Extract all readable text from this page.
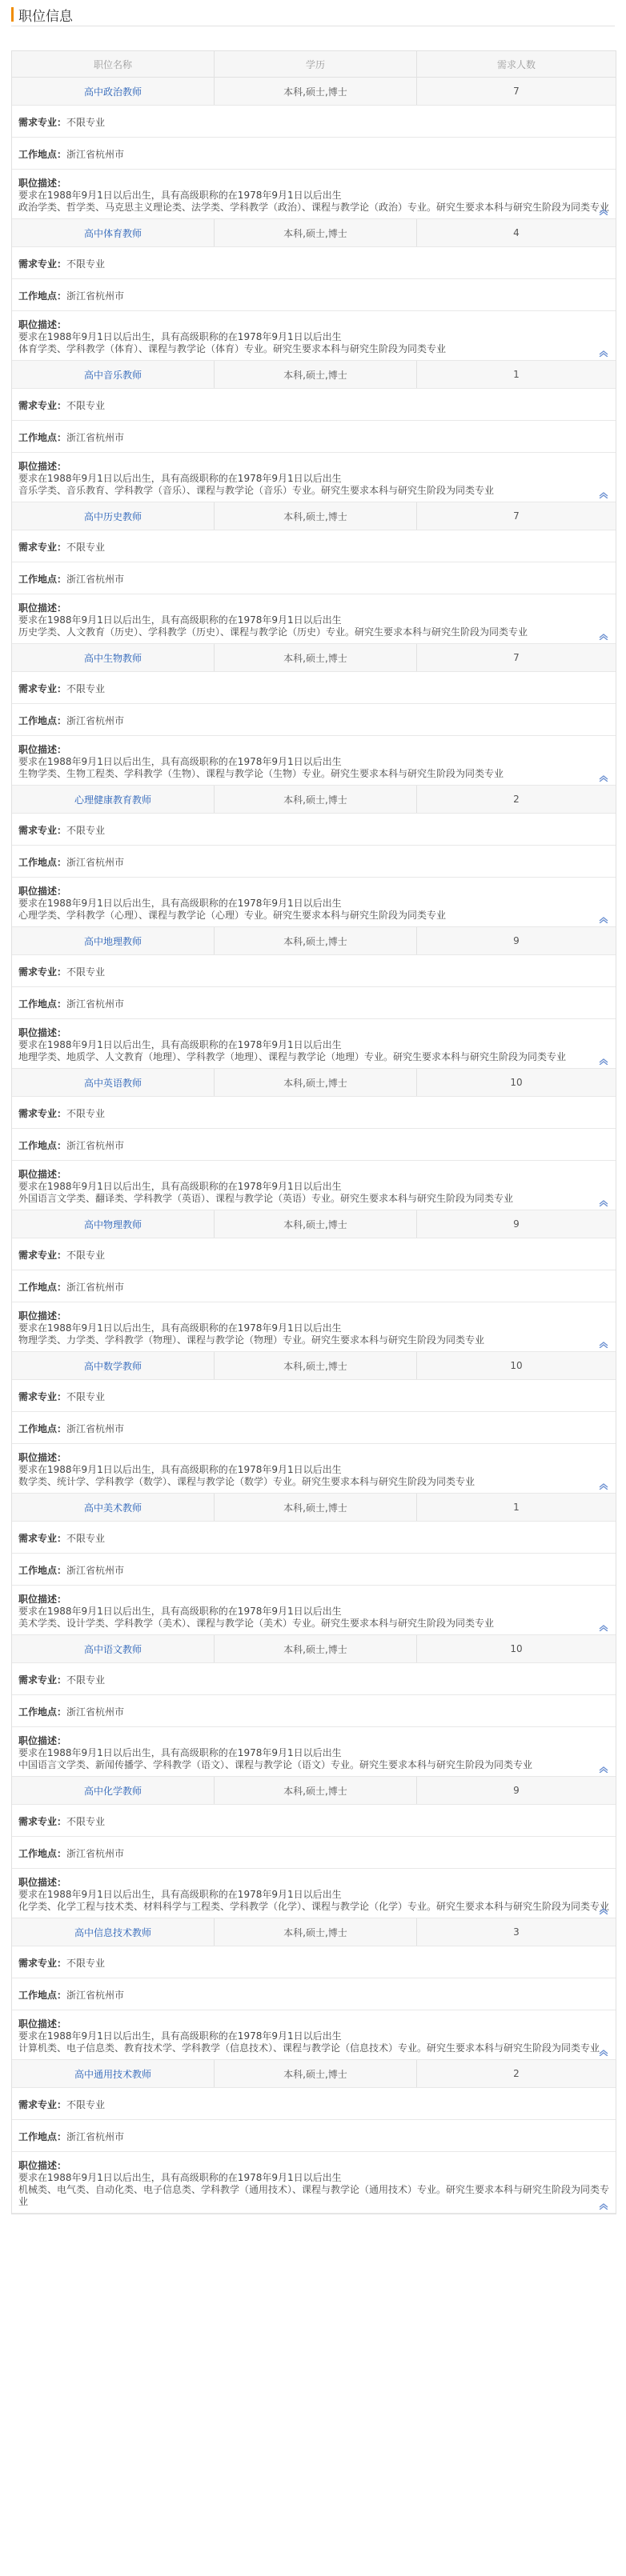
职位信息
职位名称	学历	需求人数
高中政治教师	本科,硕士,博士	7
需求专业： 不限专业
工作地点： 浙江省杭州市
职位描述：
要求在1988年9月1日以后出生，具有高级职称的在1978年9月1日以后出生
政治学类、哲学类、马克思主义理论类、法学类、学科教学（政治）、课程与教学论（政治）专业。研究生要求本科与研究生阶段为同类专业
高中体育教师	本科,硕士,博士	4
需求专业： 不限专业
工作地点： 浙江省杭州市
职位描述：
要求在1988年9月1日以后出生，具有高级职称的在1978年9月1日以后出生
体育学类、学科教学（体育）、课程与教学论（体育）专业。研究生要求本科与研究生阶段为同类专业
高中音乐教师	本科,硕士,博士	1
需求专业： 不限专业
工作地点： 浙江省杭州市
职位描述：
要求在1988年9月1日以后出生，具有高级职称的在1978年9月1日以后出生
音乐学类、音乐教育、学科教学（音乐）、课程与教学论（音乐）专业。研究生要求本科与研究生阶段为同类专业
高中历史教师	本科,硕士,博士	7
需求专业： 不限专业
工作地点： 浙江省杭州市
职位描述：
要求在1988年9月1日以后出生，具有高级职称的在1978年9月1日以后出生
历史学类、人文教育（历史）、学科教学（历史）、课程与教学论（历史）专业。研究生要求本科与研究生阶段为同类专业
高中生物教师	本科,硕士,博士	7
需求专业： 不限专业
工作地点： 浙江省杭州市
职位描述：
要求在1988年9月1日以后出生，具有高级职称的在1978年9月1日以后出生
生物学类、生物工程类、学科教学（生物）、课程与教学论（生物）专业。研究生要求本科与研究生阶段为同类专业
心理健康教育教师	本科,硕士,博士	2
需求专业： 不限专业
工作地点： 浙江省杭州市
职位描述：
要求在1988年9月1日以后出生，具有高级职称的在1978年9月1日以后出生
心理学类、学科教学（心理）、课程与教学论（心理）专业。研究生要求本科与研究生阶段为同类专业
高中地理教师	本科,硕士,博士	9
需求专业： 不限专业
工作地点： 浙江省杭州市
职位描述：
要求在1988年9月1日以后出生，具有高级职称的在1978年9月1日以后出生
地理学类、地质学、人文教育（地理）、学科教学（地理）、课程与教学论（地理）专业。研究生要求本科与研究生阶段为同类专业
高中英语教师	本科,硕士,博士	10
需求专业： 不限专业
工作地点： 浙江省杭州市
职位描述：
要求在1988年9月1日以后出生，具有高级职称的在1978年9月1日以后出生
外国语言文学类、翻译类、学科教学（英语）、课程与教学论（英语）专业。研究生要求本科与研究生阶段为同类专业
高中物理教师	本科,硕士,博士	9
需求专业： 不限专业
工作地点： 浙江省杭州市
职位描述：
要求在1988年9月1日以后出生，具有高级职称的在1978年9月1日以后出生
物理学类、力学类、学科教学（物理）、课程与教学论（物理）专业。研究生要求本科与研究生阶段为同类专业
高中数学教师	本科,硕士,博士	10
需求专业： 不限专业
工作地点： 浙江省杭州市
职位描述：
要求在1988年9月1日以后出生，具有高级职称的在1978年9月1日以后出生
数学类、统计学、学科教学（数学）、课程与教学论（数学）专业。研究生要求本科与研究生阶段为同类专业
高中美术教师	本科,硕士,博士	1
需求专业： 不限专业
工作地点： 浙江省杭州市
职位描述：
要求在1988年9月1日以后出生，具有高级职称的在1978年9月1日以后出生
美术学类、设计学类、学科教学（美术）、课程与教学论（美术）专业。研究生要求本科与研究生阶段为同类专业
高中语文教师	本科,硕士,博士	10
需求专业： 不限专业
工作地点： 浙江省杭州市
职位描述：
要求在1988年9月1日以后出生，具有高级职称的在1978年9月1日以后出生
中国语言文学类、新闻传播学、学科教学（语文）、课程与教学论（语文）专业。研究生要求本科与研究生阶段为同类专业
高中化学教师	本科,硕士,博士	9
需求专业： 不限专业
工作地点： 浙江省杭州市
职位描述：
要求在1988年9月1日以后出生，具有高级职称的在1978年9月1日以后出生
化学类、化学工程与技术类、材料科学与工程类、学科教学（化学）、课程与教学论（化学）专业。研究生要求本科与研究生阶段为同类专业
高中信息技术教师	本科,硕士,博士	3
需求专业： 不限专业
工作地点： 浙江省杭州市
职位描述：
要求在1988年9月1日以后出生，具有高级职称的在1978年9月1日以后出生
计算机类、电子信息类、教育技术学、学科教学（信息技术）、课程与教学论（信息技术）专业。研究生要求本科与研究生阶段为同类专业
高中通用技术教师	本科,硕士,博士	2
需求专业： 不限专业
工作地点： 浙江省杭州市
职位描述：
要求在1988年9月1日以后出生，具有高级职称的在1978年9月1日以后出生
机械类、电气类、自动化类、电子信息类、学科教学（通用技术）、课程与教学论（通用技术）专业。研究生要求本科与研究生阶段为同类专业
